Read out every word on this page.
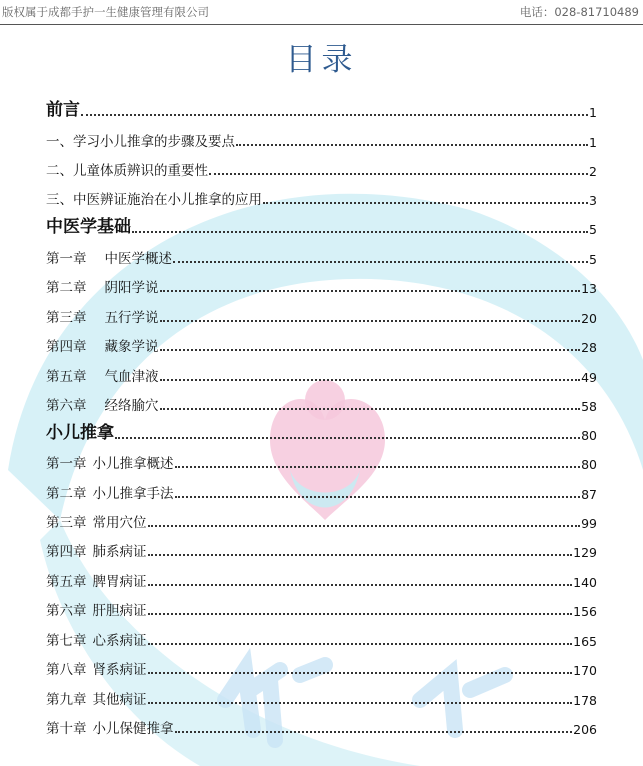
版权属于成都手护一生健康管理有限公司	电话：028-81710489
目录
前言	1
一、学习小儿推拿的步骤及要点	1
二、儿童体质辨识的重要性	2
三、中医辨证施治在小儿推拿的应用	3
中医学基础	5
第一章 中医学概述	5
第二章 阴阳学说	13
第三章 五行学说	20
第四章 藏象学说	28
第五章 气血津液	49
第六章 经络腧穴	58
小儿推拿	80
第一章 小儿推拿概述	80
第二章 小儿推拿手法	87
第三章 常用穴位	99
第四章 肺系病证	129
第五章 脾胃病证	140
第六章 肝胆病证	156
第七章 心系病证	165
第八章 肾系病证	170
第九章 其他病证	178
第十章 小儿保健推拿	206
